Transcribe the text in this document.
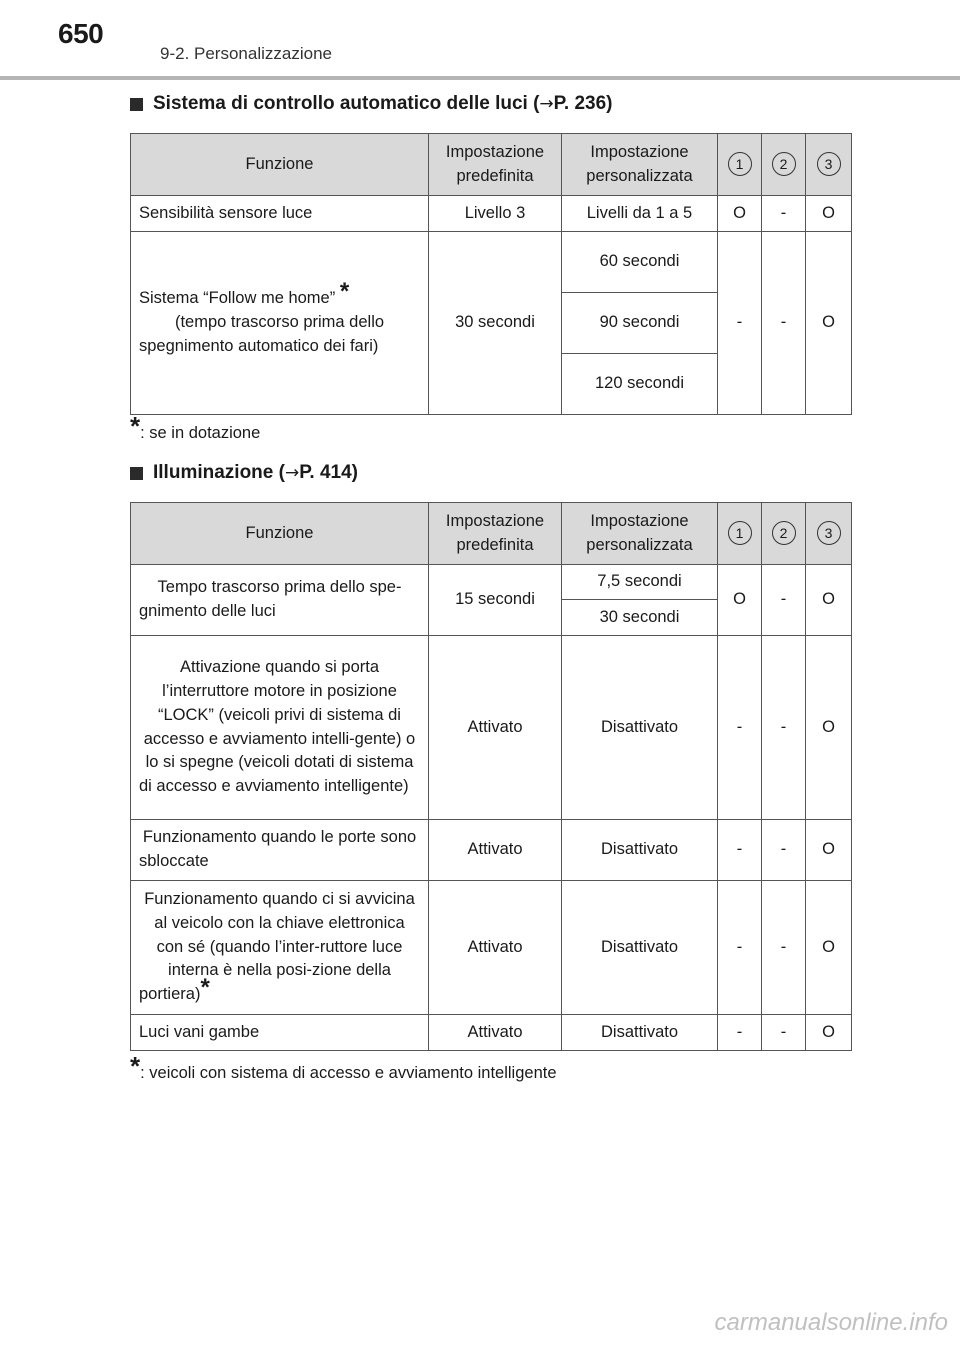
650
9-2. Personalizzazione
Sistema di controllo automatico delle luci ( → P. 236)
Funzione	Impostazione predefinita	Impostazione personalizzata	1	2	3
Sensibilità sensore luce	Livello 3	Livelli da 1 a 5	O	-	O
Sistema “Follow me home” *
(tempo trascorso prima dello spegnimento automatico dei fari)	30 secondi	60 secondi	-	-	O
		90 secondi			
		120 secondi			
*: se in dotazione
Illuminazione ( → P. 414)
Funzione	Impostazione predefinita	Impostazione personalizzata	1	2	3
Tempo trascorso prima dello spe-gnimento delle luci	15 secondi	7,5 secondi	O	-	O
		30 secondi			
Attivazione quando si porta l’interruttore motore in posizione “LOCK” (veicoli privi di sistema di accesso e avviamento intelli-gente) o lo si spegne (veicoli dotati di sistema di accesso e avviamento intelligente)	Attivato	Disattivato	-	-	O
Funzionamento quando le porte sono sbloccate	Attivato	Disattivato	-	-	O
Funzionamento quando ci si avvicina al veicolo con la chiave elettronica con sé (quando l’inter-ruttore luce interna è nella posi-zione della portiera)*	Attivato	Disattivato	-	-	O
Luci vani gambe	Attivato	Disattivato	-	-	O
*: veicoli con sistema di accesso e avviamento intelligente
carmanualsonline.info
